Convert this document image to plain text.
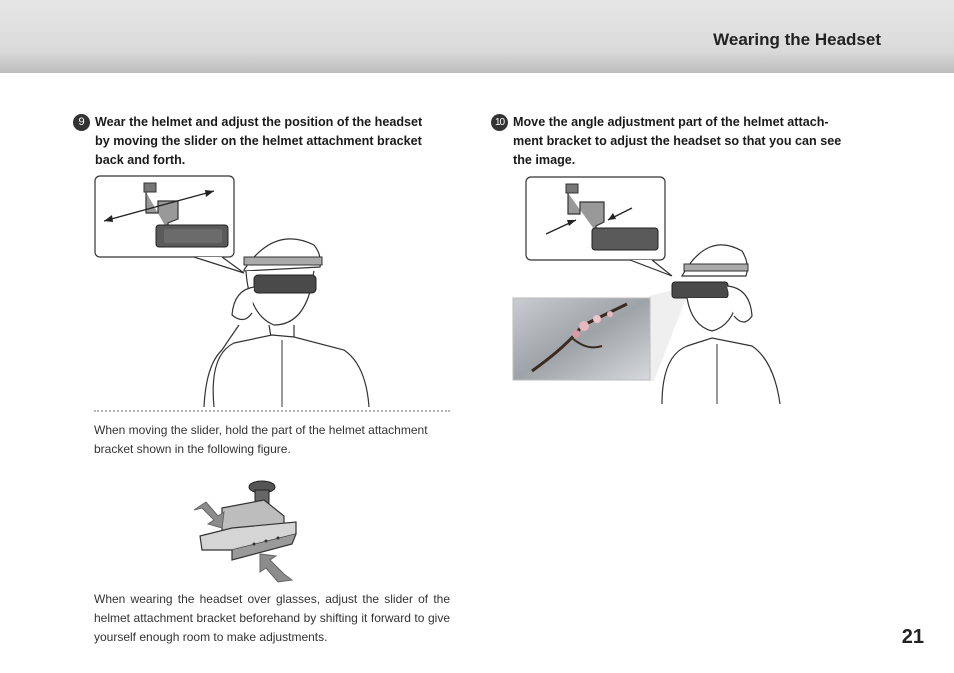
Wearing the Headset
9 Wear the helmet and adjust the position of the headset
by moving the slider on the helmet attachment bracket
back and forth.
10 Move the angle adjustment part of the helmet attach-
ment bracket to adjust the headset so that you can see
the image.
When moving the slider, hold the part of the helmet attachment bracket shown in the following figure.
When wearing the headset over glasses, adjust the slider of the helmet attachment bracket beforehand by shifting it forward to give yourself enough room to make adjustments.	21
